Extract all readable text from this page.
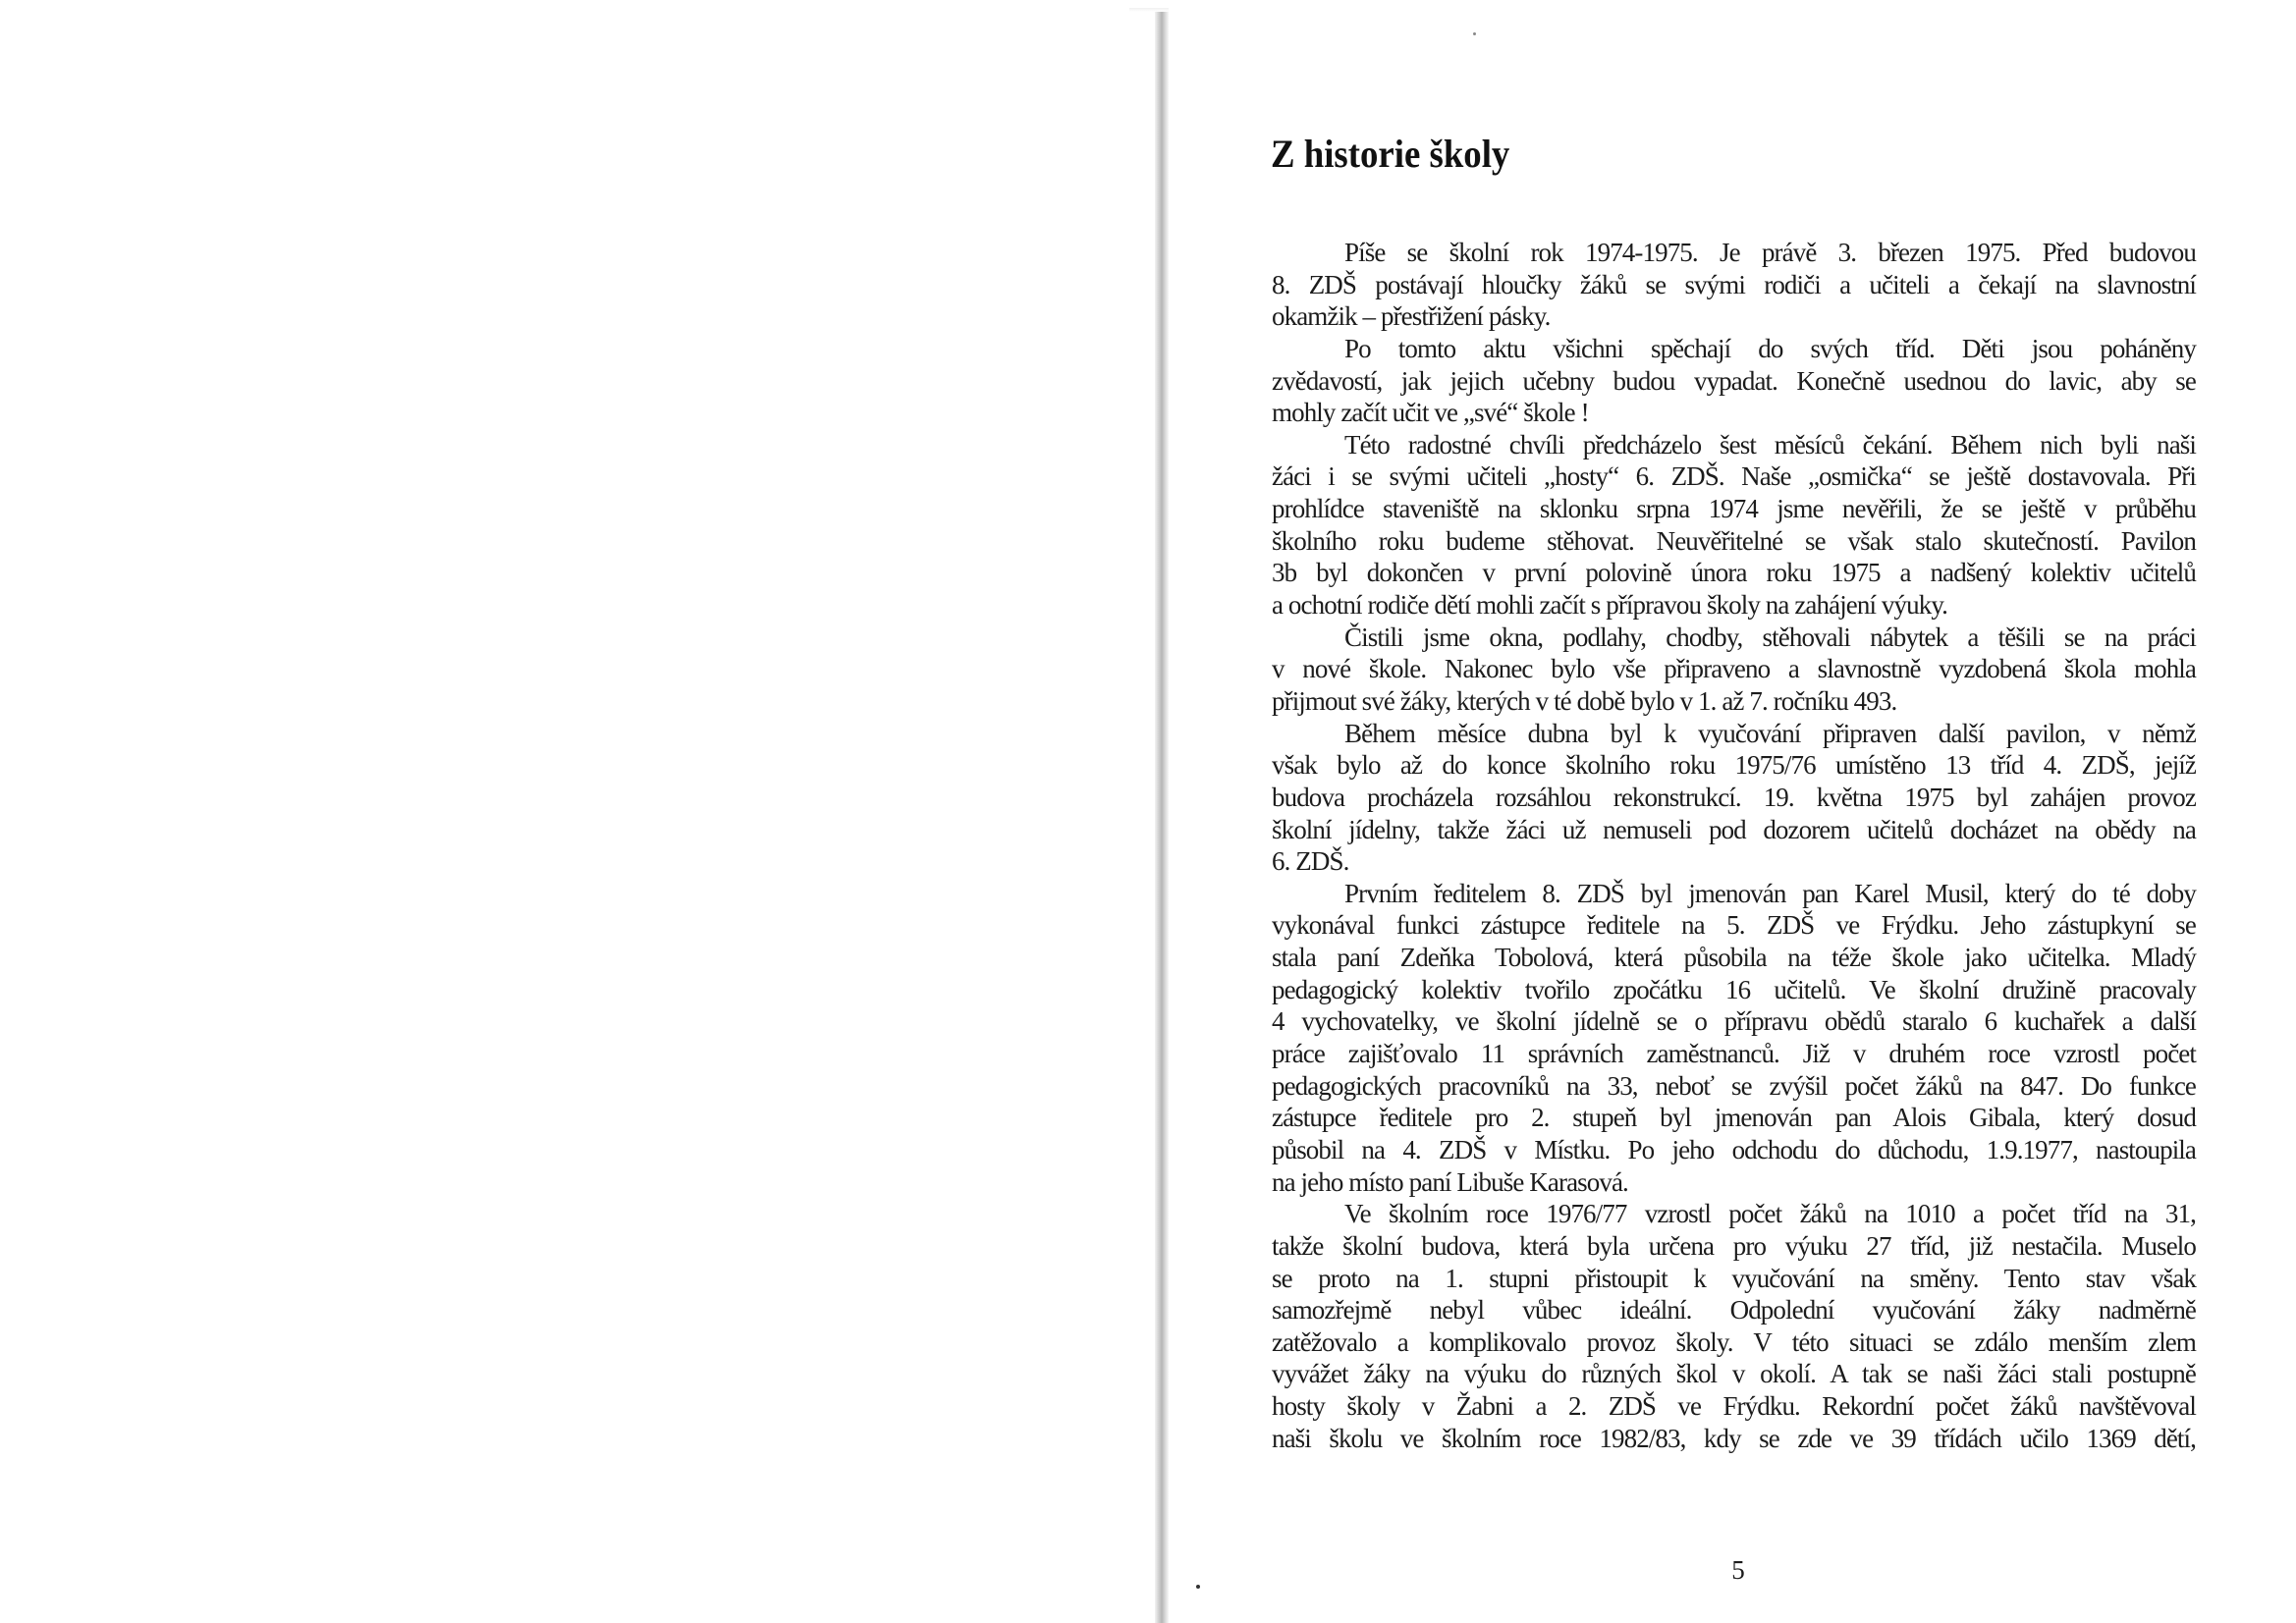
Z historie školy
Píše se školní rok 1974-1975. Je právě 3. březen 1975. Před budovou
8. ZDŠ postávají hloučky žáků se svými rodiči a učiteli a čekají na slavnostní
okamžik – přestřižení pásky.
Po tomto aktu všichni spěchají do svých tříd. Děti jsou poháněny
zvědavostí, jak jejich učebny budou vypadat. Konečně usednou do lavic, aby se
mohly začít učit ve „své“ škole !
Této radostné chvíli předcházelo šest měsíců čekání. Během nich byli naši
žáci i se svými učiteli „hosty“ 6. ZDŠ. Naše „osmička“ se ještě dostavovala. Při
prohlídce staveniště na sklonku srpna 1974 jsme nevěřili, že se ještě v průběhu
školního roku budeme stěhovat. Neuvěřitelné se však stalo skutečností. Pavilon
3b byl dokončen v první polovině února roku 1975 a nadšený kolektiv učitelů
a ochotní rodiče dětí mohli začít s přípravou školy na zahájení výuky.
Čistili jsme okna, podlahy, chodby, stěhovali nábytek a těšili se na práci
v nové škole. Nakonec bylo vše připraveno a slavnostně vyzdobená škola mohla
přijmout své žáky, kterých v té době bylo v 1. až 7. ročníku 493.
Během měsíce dubna byl k vyučování připraven další pavilon, v němž
však bylo až do konce školního roku 1975/76 umístěno 13 tříd 4. ZDŠ, jejíž
budova procházela rozsáhlou rekonstrukcí. 19. května 1975 byl zahájen provoz
školní jídelny, takže žáci už nemuseli pod dozorem učitelů docházet na obědy na
6. ZDŠ.
Prvním ředitelem 8. ZDŠ byl jmenován pan Karel Musil, který do té doby
vykonával funkci zástupce ředitele na 5. ZDŠ ve Frýdku. Jeho zástupkyní se
stala paní Zdeňka Tobolová, která působila na téže škole jako učitelka. Mladý
pedagogický kolektiv tvořilo zpočátku 16 učitelů. Ve školní družině pracovaly
4 vychovatelky, ve školní jídelně se o přípravu obědů staralo 6 kuchařek a další
práce zajišťovalo 11 správních zaměstnanců. Již v druhém roce vzrostl počet
pedagogických pracovníků na 33, neboť se zvýšil počet žáků na 847. Do funkce
zástupce ředitele pro 2. stupeň byl jmenován pan Alois Gibala, který dosud
působil na 4. ZDŠ v Místku. Po jeho odchodu do důchodu, 1.9.1977, nastoupila
na jeho místo paní Libuše Karasová.
Ve školním roce 1976/77 vzrostl počet žáků na 1010 a počet tříd na 31,
takže školní budova, která byla určena pro výuku 27 tříd, již nestačila. Muselo
se proto na 1. stupni přistoupit k vyučování na směny. Tento stav však
samozřejmě nebyl vůbec ideální. Odpolední vyučování žáky nadměrně
zatěžovalo a komplikovalo provoz školy. V této situaci se zdálo menším zlem
vyvážet žáky na výuku do různých škol v okolí. A tak se naši žáci stali postupně
hosty školy v Žabni a 2. ZDŠ ve Frýdku. Rekordní počet žáků navštěvoval
naši školu ve školním roce 1982/83, kdy se zde ve 39 třídách učilo 1369 dětí,
5
